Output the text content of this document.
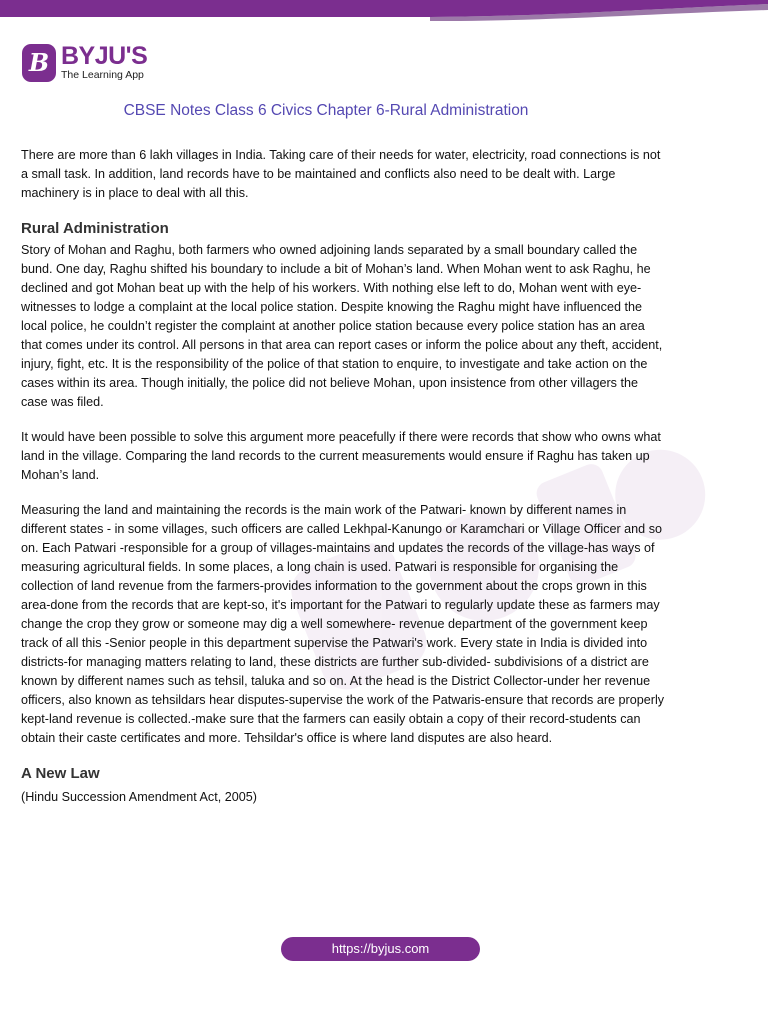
B BYJU'S
The Learning App
CBSE Notes Class 6 Civics Chapter 6-Rural Administration

There are more than 6 lakh villages in India. Taking care of their needs for water, electricity, road connections is not a small task. In addition, land records have to be maintained and conflicts also need to be dealt with. Large machinery is in place to deal with all this.

Rural Administration

Story of Mohan and Raghu, both farmers who owned adjoining lands separated by a small boundary called the bund. One day, Raghu shifted his boundary to include a bit of Mohan’s land. When Mohan went to ask Raghu, he declined and got Mohan beat up with the help of his workers. With nothing else left to do, Mohan went with eye-witnesses to lodge a complaint at the local police station. Despite knowing the Raghu might have influenced the local police, he couldn’t register the complaint at another police station because every police station has an area that comes under its control. All persons in that area can report cases or inform the police about any theft, accident, injury, fight, etc. It is the responsibility of the police of that station to enquire, to investigate and take action on the cases within its area. Though initially, the police did not believe Mohan, upon insistence from other villagers the case was filed.

It would have been possible to solve this argument more peacefully if there were records that show who owns what land in the village. Comparing the land records to the current measurements would ensure if Raghu has taken up Mohan’s land.

Measuring the land and maintaining the records is the main work of the Patwari- known by different names in different states - in some villages, such officers are called Lekhpal-Kanungo or Karamchari or Village Officer and so on. Each Patwari -responsible for a group of villages-maintains and updates the records of the village-has ways of measuring agricultural fields. In some places, a long chain is used. Patwari is responsible for organising the collection of land revenue from the farmers-provides information to the government about the crops grown in this area-done from the records that are kept-so, it's important for the Patwari to regularly update these as farmers may change the crop they grow or someone may dig a well somewhere- revenue department of the government keep track of all this -Senior people in this department supervise the Patwari's work. Every state in India is divided into districts-for managing matters relating to land, these districts are further sub-divided- subdivisions of a district are known by different names such as tehsil, taluka and so on. At the head is the District Collector-under her revenue officers, also known as tehsildars hear disputes-supervise the work of the Patwaris-ensure that records are properly kept-land revenue is collected.-make sure that the farmers can easily obtain a copy of their record-students can obtain their caste certificates and more. Tehsildar's office is where land disputes are also heard.

A New Law

(Hindu Succession Amendment Act, 2005)

https://byjus.com
